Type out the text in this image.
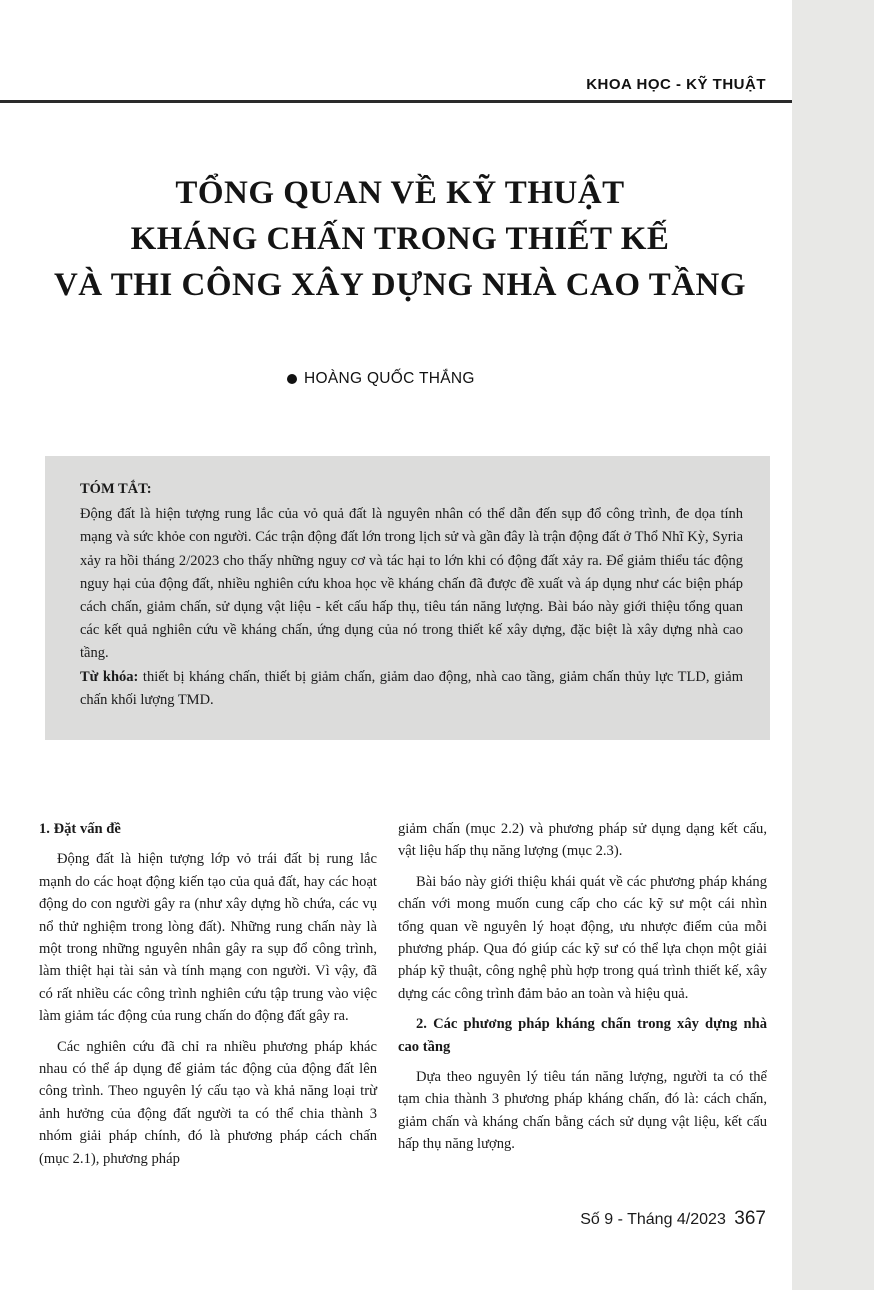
KHOA HỌC - KỸ THUẬT
TỔNG QUAN VỀ KỸ THUẬT
KHÁNG CHẤN TRONG THIẾT KẾ
VÀ THI CÔNG XÂY DỰNG NHÀ CAO TẦNG
HOÀNG QUỐC THẮNG
TÓM TẮT:

Động đất là hiện tượng rung lắc của vỏ quả đất là nguyên nhân có thể dẫn đến sụp đổ công trình, đe dọa tính mạng và sức khỏe con người. Các trận động đất lớn trong lịch sử và gần đây là trận động đất ở Thổ Nhĩ Kỳ, Syria xảy ra hồi tháng 2/2023 cho thấy những nguy cơ và tác hại to lớn khi có động đất xảy ra. Để giảm thiểu tác động nguy hại của động đất, nhiều nghiên cứu khoa học về kháng chấn đã được đề xuất và áp dụng như các biện pháp cách chấn, giảm chấn, sử dụng vật liệu - kết cấu hấp thụ, tiêu tán năng lượng. Bài báo này giới thiệu tổng quan các kết quả nghiên cứu về kháng chấn, ứng dụng của nó trong thiết kế xây dựng, đặc biệt là xây dựng nhà cao tầng.

Từ khóa: thiết bị kháng chấn, thiết bị giảm chấn, giảm dao động, nhà cao tầng, giảm chấn thủy lực TLD, giảm chấn khối lượng TMD.

1. Đặt vấn đề

Động đất là hiện tượng lớp vỏ trái đất bị rung lắc mạnh do các hoạt động kiến tạo của quả đất, hay các hoạt động do con người gây ra (như xây dựng hồ chứa, các vụ nổ thử nghiệm trong lòng đất). Những rung chấn này là một trong những nguyên nhân gây ra sụp đổ công trình, làm thiệt hại tài sản và tính mạng con người. Vì vậy, đã có rất nhiều các công trình nghiên cứu tập trung vào việc làm giảm tác động của rung chấn do động đất gây ra.

Các nghiên cứu đã chỉ ra nhiều phương pháp khác nhau có thể áp dụng để giảm tác động của động đất lên công trình. Theo nguyên lý cấu tạo và khả năng loại trừ ảnh hưởng của động đất người ta có thể chia thành 3 nhóm giải pháp chính, đó là phương pháp cách chấn (mục 2.1), phương pháp

giảm chấn (mục 2.2) và phương pháp sử dụng dạng kết cấu, vật liệu hấp thụ năng lượng (mục 2.3).

Bài báo này giới thiệu khái quát về các phương pháp kháng chấn với mong muốn cung cấp cho các kỹ sư một cái nhìn tổng quan về nguyên lý hoạt động, ưu nhược điểm của mỗi phương pháp. Qua đó giúp các kỹ sư có thể lựa chọn một giải pháp kỹ thuật, công nghệ phù hợp trong quá trình thiết kế, xây dựng các công trình đảm bảo an toàn và hiệu quả.

2. Các phương pháp kháng chấn trong xây dựng nhà cao tầng

Dựa theo nguyên lý tiêu tán năng lượng, người ta có thể tạm chia thành 3 phương pháp kháng chấn, đó là: cách chấn, giảm chấn và kháng chấn bằng cách sử dụng vật liệu, kết cấu hấp thụ năng lượng.

Số 9 - Tháng 4/2023 367
